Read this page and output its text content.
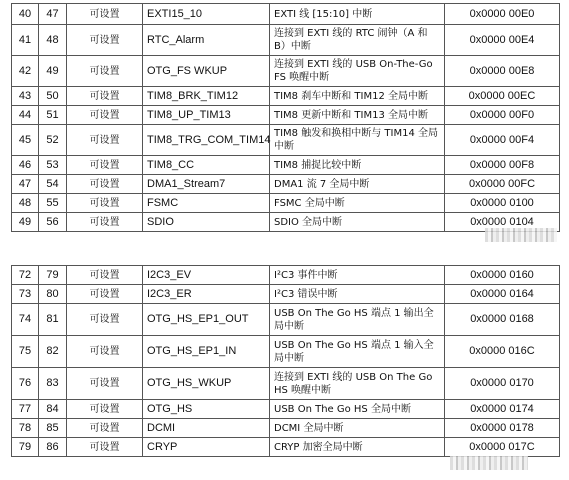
40	47	可设置	EXTI15_10	EXTI 线 [15:10] 中断	0x0000 00E0
41	48	可设置	RTC_Alarm	连接到 EXTI 线的 RTC 闹钟（A 和 B）中断	0x0000 00E4
42	49	可设置	OTG_FS WKUP	连接到 EXTI 线的 USB On-The-Go FS 唤醒中断	0x0000 00E8
43	50	可设置	TIM8_BRK_TIM12	TIM8 刹车中断和 TIM12 全局中断	0x0000 00EC
44	51	可设置	TIM8_UP_TIM13	TIM8 更新中断和 TIM13 全局中断	0x0000 00F0
45	52	可设置	TIM8_TRG_COM_TIM14	TIM8 触发和换相中断与 TIM14 全局中断	0x0000 00F4
46	53	可设置	TIM8_CC	TIM8 捕捉比较中断	0x0000 00F8
47	54	可设置	DMA1_Stream7	DMA1 流 7 全局中断	0x0000 00FC
48	55	可设置	FSMC	FSMC 全局中断	0x0000 0100
49	56	可设置	SDIO	SDIO 全局中断	0x0000 0104
72	79	可设置	I2C3_EV	I²C3 事件中断	0x0000 0160
73	80	可设置	I2C3_ER	I²C3 错误中断	0x0000 0164
74	81	可设置	OTG_HS_EP1_OUT	USB On The Go HS 端点 1 输出全局中断	0x0000 0168
75	82	可设置	OTG_HS_EP1_IN	USB On The Go HS 端点 1 输入全局中断	0x0000 016C
76	83	可设置	OTG_HS_WKUP	连接到 EXTI 线的 USB On The Go HS 唤醒中断	0x0000 0170
77	84	可设置	OTG_HS	USB On The Go HS 全局中断	0x0000 0174
78	85	可设置	DCMI	DCMI 全局中断	0x0000 0178
79	86	可设置	CRYP	CRYP 加密全局中断	0x0000 017C
